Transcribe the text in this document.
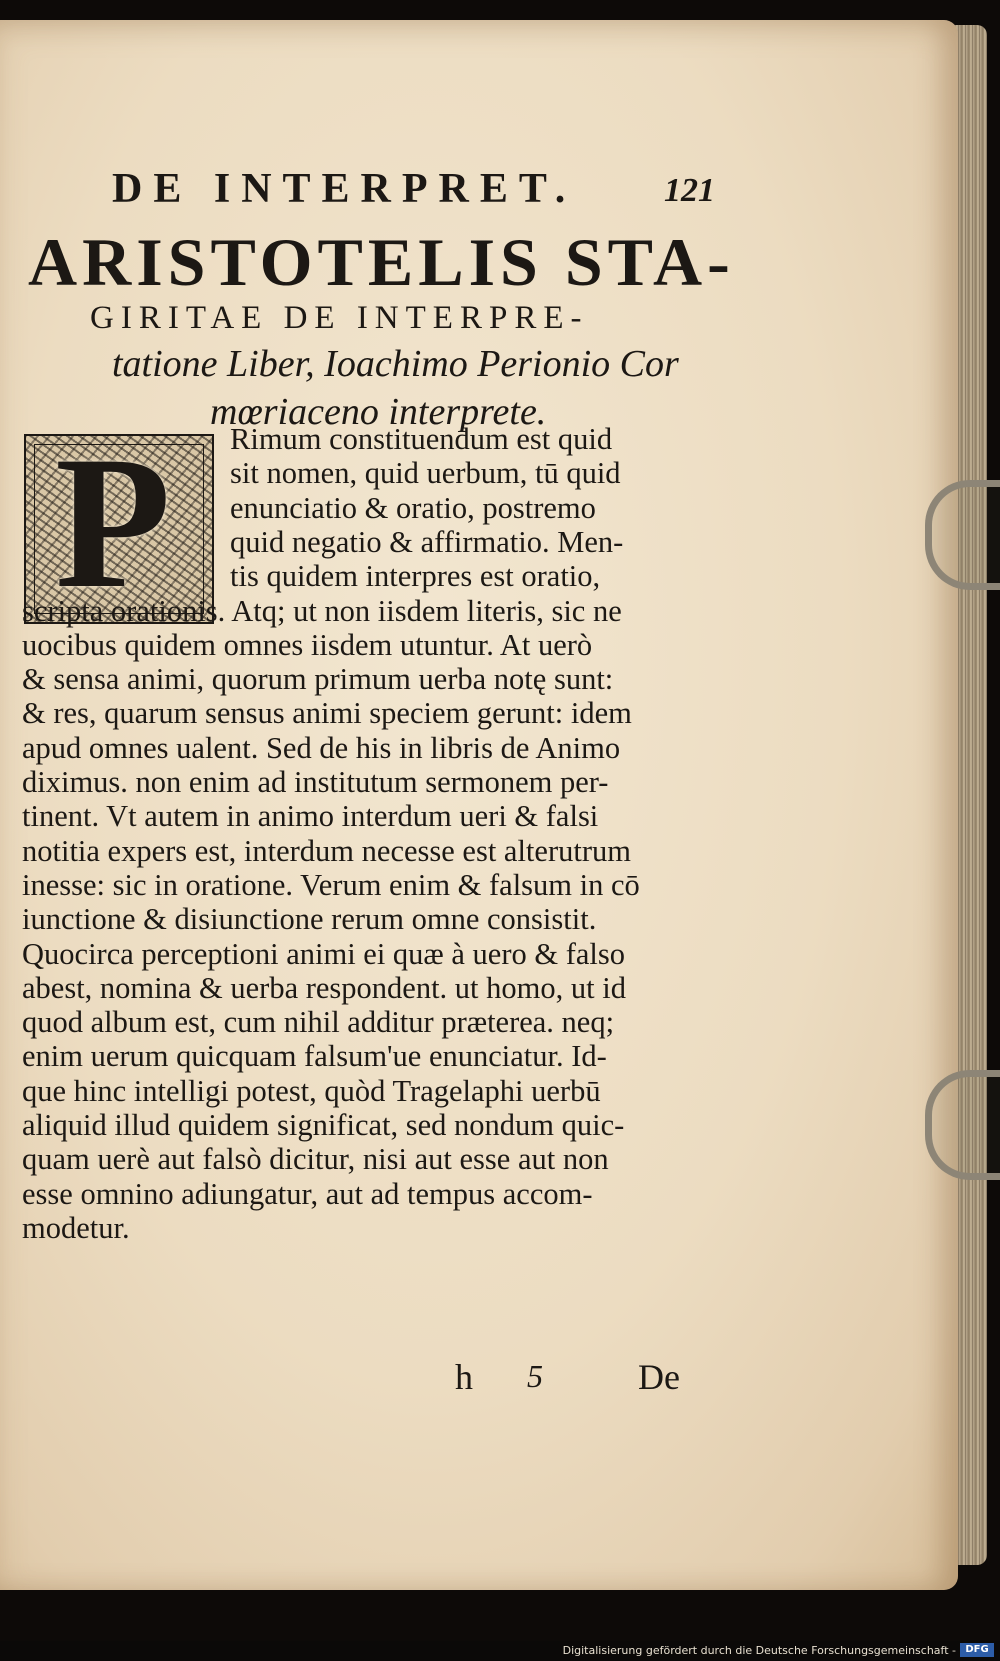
DE INTERPRET.	121
ARISTOTELIS STA-
GIRITAE DE INTERPRE-
tatione Liber, Ioachimo Perionio Cor
mœriaceno interprete.
P	Rimum constituendum est quid
sit nomen, quid uerbum, tū quid
enunciatio & oratio, postremo
quid negatio & affirmatio. Men-
tis quidem interpres est oratio,
scripta orationis. Atq; ut non iisdem literis, sic ne
uocibus quidem omnes iisdem utuntur. At uerò
& sensa animi, quorum primum uerba notę sunt:
& res, quarum sensus animi speciem gerunt: idem
apud omnes ualent. Sed de his in libris de Animo
diximus. non enim ad institutum sermonem per-
tinent. Vt autem in animo interdum ueri & falsi
notitia expers est, interdum necesse est alterutrum
inesse: sic in oratione. Verum enim & falsum in cō
iunctione & disiunctione rerum omne consistit.
Quocirca perceptioni animi ei quæ à uero & falso
abest, nomina & uerba respondent. ut homo, ut id
quod album est, cum nihil additur præterea. neq;
enim uerum quicquam falsum'ue enunciatur. Id-
que hinc intelligi potest, quòd Tragelaphi uerbū
aliquid illud quidem significat, sed nondum quic-
quam uerè aut falsò dicitur, nisi aut esse aut non
esse omnino adiungatur, aut ad tempus accom-
modetur.
h 5	De
Digitalisierung gefördert durch die Deutsche Forschungsgemeinschaft - DFG
